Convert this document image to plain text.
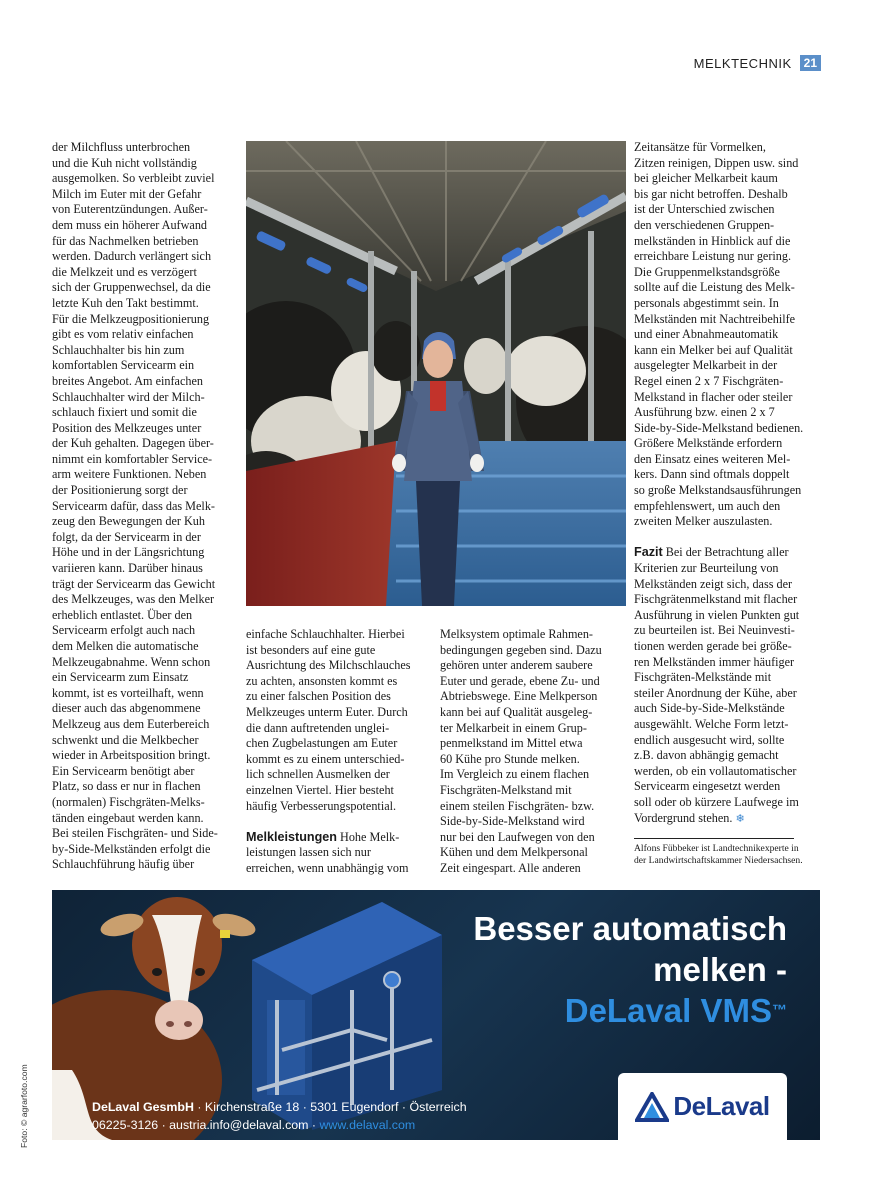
MELKTECHNIK	21
der Milchfluss unterbrochen
und die Kuh nicht vollständig
ausgemolken. So verbleibt zuviel
Milch im Euter mit der Gefahr
von Euterentzündungen. Außer-
dem muss ein höherer Aufwand
für das Nachmelken betrieben
werden. Dadurch verlängert sich
die Melkzeit und es verzögert
sich der Gruppenwechsel, da die
letzte Kuh den Takt bestimmt.
Für die Melkzeugpositionierung
gibt es vom relativ einfachen
Schlauchhalter bis hin zum
komfortablen Servicearm ein
breites Angebot. Am einfachen
Schlauchhalter wird der Milch-
schlauch fixiert und somit die
Position des Melkzeuges unter
der Kuh gehalten. Dagegen über-
nimmt ein komfortabler Service-
arm weitere Funktionen. Neben
der Positionierung sorgt der
Servicearm dafür, dass das Melk-
zeug den Bewegungen der Kuh
folgt, da der Servicearm in der
Höhe und in der Längsrichtung
variieren kann. Darüber hinaus
trägt der Servicearm das Gewicht
des Melkzeuges, was den Melker
erheblich entlastet. Über den
Servicearm erfolgt auch nach
dem Melken die automatische
Melkzeugabnahme. Wenn schon
ein Servicearm zum Einsatz
kommt, ist es vorteilhaft, wenn
dieser auch das abgenommene
Melkzeug aus dem Euterbereich
schwenkt und die Melkbecher
wieder in Arbeitsposition bringt.
Ein Servicearm benötigt aber
Platz, so dass er nur in flachen
(normalen) Fischgräten-Melks-
tänden eingebaut werden kann.
Bei steilen Fischgräten- und Side-
by-Side-Melkständen erfolgt die
Schlauchführung häufig über
einfache Schlauchhalter. Hierbei
ist besonders auf eine gute
Ausrichtung des Milchschlauches
zu achten, ansonsten kommt es
zu einer falschen Position des
Melkzeuges unterm Euter. Durch
die dann auftretenden unglei-
chen Zugbelastungen am Euter
kommt es zu einem unterschied-
lich schnellen Ausmelken der
einzelnen Viertel. Hier besteht
häufig Verbesserungspotential.

Melkleistungen Hohe Melk-
leistungen lassen sich nur
erreichen, wenn unabhängig vom

Melksystem optimale Rahmen-
bedingungen gegeben sind. Dazu
gehören unter anderem saubere
Euter und gerade, ebene Zu- und
Abtriebswege. Eine Melkperson
kann bei auf Qualität ausgeleg-
ter Melkarbeit in einem Grup-
penmelkstand im Mittel etwa
60 Kühe pro Stunde melken.
Im Vergleich zu einem flachen
Fischgräten-Melkstand mit
einem steilen Fischgräten- bzw.
Side-by-Side-Melkstand wird
nur bei den Laufwegen von den
Kühen und dem Melkpersonal
Zeit eingespart. Alle anderen
Zeitansätze für Vormelken,
Zitzen reinigen, Dippen usw. sind
bei gleicher Melkarbeit kaum
bis gar nicht betroffen. Deshalb
ist der Unterschied zwischen
den verschiedenen Gruppen-
melkständen in Hinblick auf die
erreichbare Leistung nur gering.
Die Gruppenmelkstandsgröße
sollte auf die Leistung des Melk-
personals abgestimmt sein. In
Melkständen mit Nachtreibehilfe
und einer Abnahmeautomatik
kann ein Melker bei auf Qualität
ausgelegter Melkarbeit in der
Regel einen 2 x 7 Fischgräten-
Melkstand in flacher oder steiler
Ausführung bzw. einen 2 x 7
Side-by-Side-Melkstand bedienen.
Größere Melkstände erfordern
den Einsatz eines weiteren Mel-
kers. Dann sind oftmals doppelt
so große Melkstandsausführungen
empfehlenswert, um auch den
zweiten Melker auszulasten.

Fazit Bei der Betrachtung aller
Kriterien zur Beurteilung von
Melkständen zeigt sich, dass der
Fischgrätenmelkstand mit flacher
Ausführung in vielen Punkten gut
zu beurteilen ist. Bei Neuinvesti-
tionen werden gerade bei größe-
ren Melkständen immer häufiger
Fischgräten-Melkstände mit
steiler Anordnung der Kühe, aber
auch Side-by-Side-Melkstände
ausgewählt. Welche Form letzt-
endlich ausgesucht wird, sollte
z.B. davon abhängig gemacht
werden, ob ein vollautomatischer
Servicearm eingesetzt werden
soll oder ob kürzere Laufwege im
Vordergrund stehen. ❄

Alfons Fübbeker ist Landtechnikexperte in
der Landwirtschaftskammer Niedersachsen.
Besser automatisch
melken -
DeLaval VMS™
DeLaval GesmbH · Kirchenstraße 18 · 5301 Eugendorf · Österreich
06225-3126 · austria.info@delaval.com · www.delaval.com
DeLaval
Foto: © agrarfoto.com
